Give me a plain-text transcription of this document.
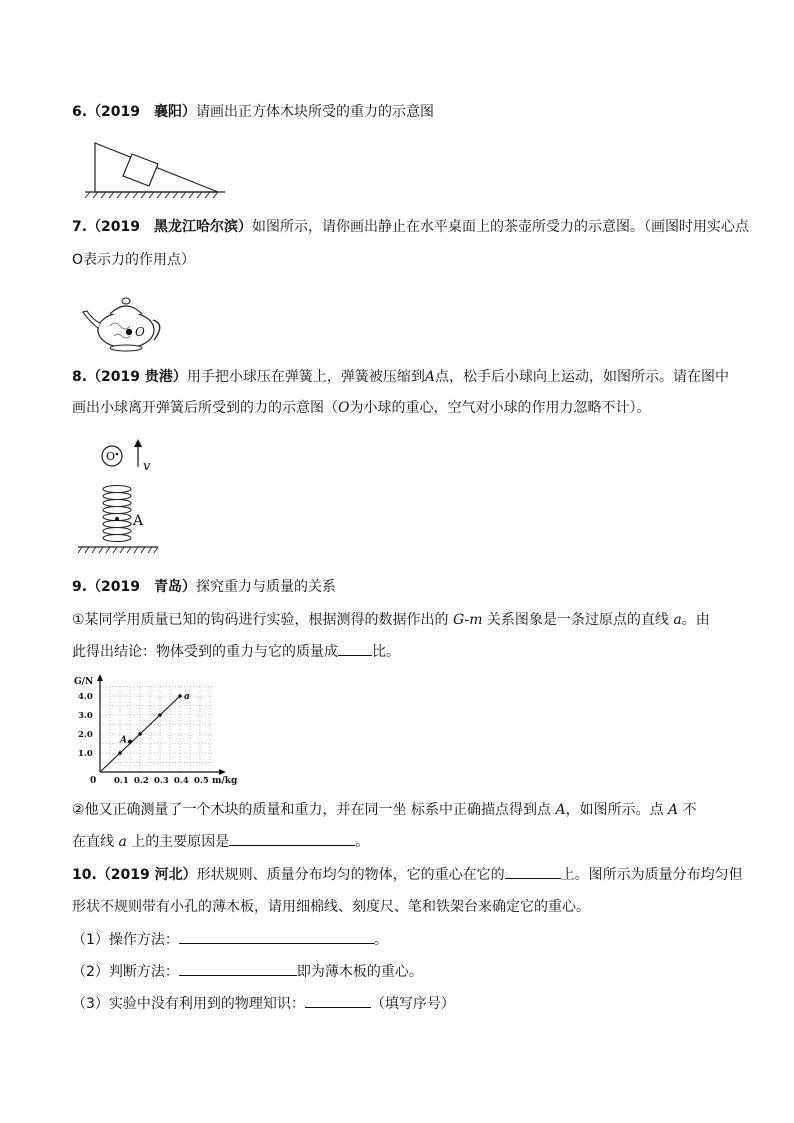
6.（2019　襄阳）请画出正方体木块所受的重力的示意图
7.（2019　黑龙江哈尔滨）如图所示，请你画出静止在水平桌面上的茶壶所受力的示意图。（画图时用实心点
O表示力的作用点）
O
8.（2019 贵港）用手把小球压在弹簧上，弹簧被压缩到A点，松手后小球向上运动，如图所示。请在图中
画出小球离开弹簧后所受到的力的示意图（O为小球的重心，空气对小球的作用力忽略不计）。
O
v
A
9.（2019　青岛）探究重力与质量的关系
①某同学用质量已知的钩码进行实验，根据测得的数据作出的 G-m 关系图象是一条过原点的直线 a。由
此得出结论：物体受到的重力与它的质量成 比。
G/N
m/kg
0 0.1 0.2 0.3 0.4 0.5
1.0
2.0
3.0
4.0	a
A
②他又正确测量了一个木块的质量和重力，并在同一坐 标系中正确描点得到点 A，如图所示。点 A 不
在直线 a 上的主要原因是	。
10.（2019 河北）形状规则、质量分布均匀的物体，它的重心在它的	上。图所示为质量分布均匀但
形状不规则带有小孔的薄木板，请用细棉线、刻度尺、笔和铁架台来确定它的重心。
（1）操作方法：	。
（2）判断方法：	即为薄木板的重心。
（3）实验中没有利用到的物理知识：	（填写序号）
